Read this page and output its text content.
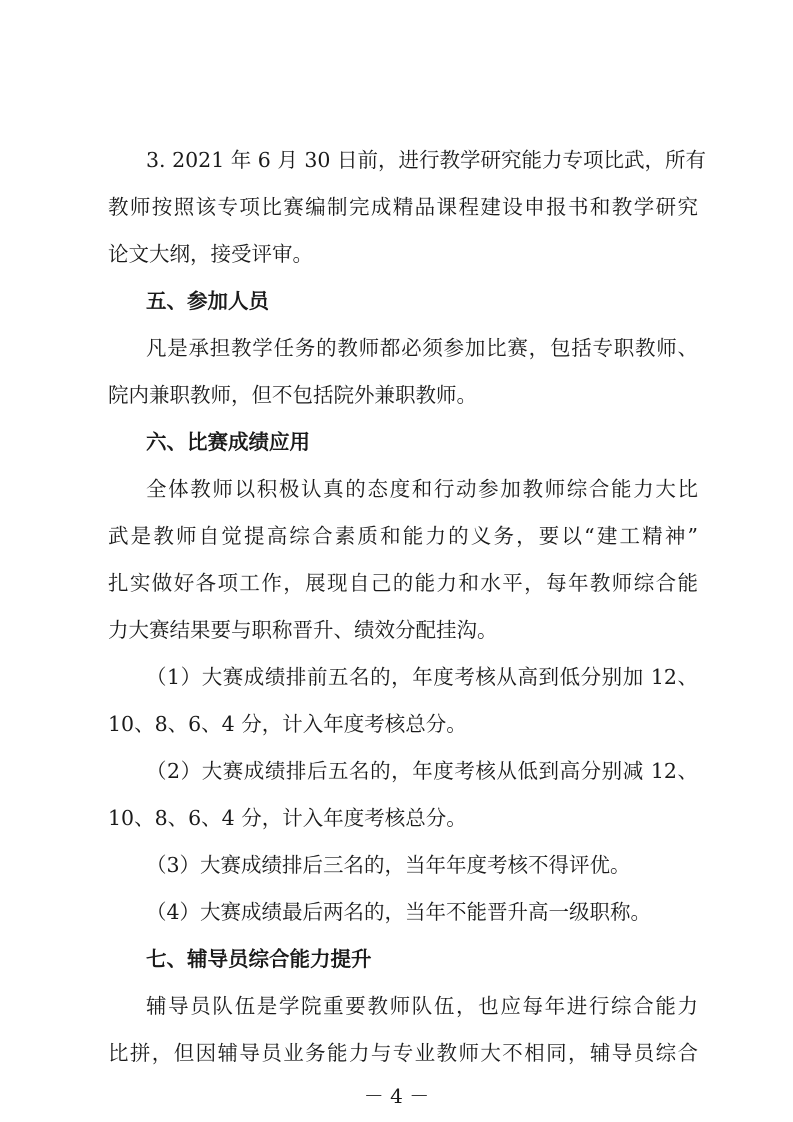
3. 2021 年 6 月 30 日前，进行教学研究能力专项比武，所有
教师按照该专项比赛编制完成精品课程建设申报书和教学研究
论文大纲，接受评审。
五、参加人员
凡是承担教学任务的教师都必须参加比赛，包括专职教师、
院内兼职教师，但不包括院外兼职教师。
六、比赛成绩应用
全体教师以积极认真的态度和行动参加教师综合能力大比
武是教师自觉提高综合素质和能力的义务，要以“建工精神”
扎实做好各项工作，展现自己的能力和水平，每年教师综合能
力大赛结果要与职称晋升、绩效分配挂沟。
（1）大赛成绩排前五名的，年度考核从高到低分别加 12、
10、8、6、4 分，计入年度考核总分。
（2）大赛成绩排后五名的，年度考核从低到高分别减 12、
10、8、6、4 分，计入年度考核总分。
（3）大赛成绩排后三名的，当年年度考核不得评优。
（4）大赛成绩最后两名的，当年不能晋升高一级职称。
七、辅导员综合能力提升
辅导员队伍是学院重要教师队伍，也应每年进行综合能力
比拼，但因辅导员业务能力与专业教师大不相同，辅导员综合
－ 4 －
